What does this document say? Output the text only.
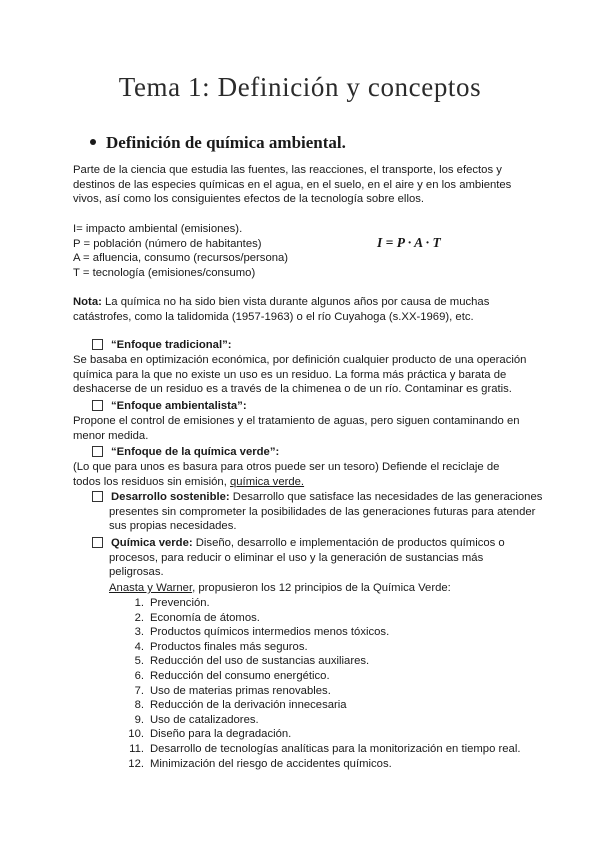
Tema 1: Definición y conceptos
Definición de química ambiental.

Parte de la ciencia que estudia las fuentes, las reacciones, el transporte, los efectos y destinos de las especies químicas en el agua, en el suelo, en el aire y en los ambientes vivos, así como los consiguientes efectos de la tecnología sobre ellos.

I= impacto ambiental (emisiones).
P = población (número de habitantes)
A = afluencia, consumo (recursos/persona)
T = tecnología (emisiones/consumo)
I = P · A · T

Nota: La química no ha sido bien vista durante algunos años por causa de muchas catástrofes, como la talidomida (1957-1963) o el río Cuyahoga (s.XX-1969), etc.

“Enfoque tradicional”:

Se basaba en optimización económica, por definición cualquier producto de una operación química para la que no existe un uso es un residuo. La forma más práctica y barata de deshacerse de un residuo es a través de la chimenea o de un río. Contaminar es gratis.

“Enfoque ambientalista”:

Propone el control de emisiones y el tratamiento de aguas, pero siguen contaminando en menor medida.

“Enfoque de la química verde”:

(Lo que para unos es basura para otros puede ser un tesoro) Defiende el reciclaje de todos los residuos sin emisión, química verde.

Desarrollo sostenible: Desarrollo que satisface las necesidades de las generaciones presentes sin comprometer la posibilidades de las generaciones futuras para atender sus propias necesidades.
Química verde: Diseño, desarrollo e implementación de productos químicos o procesos, para reducir o eliminar el uso y la generación de sustancias más peligrosas.
Anasta y Warner, propusieron los 12 principios de la Química Verde:
1. Prevención.
2. Economía de átomos.
3. Productos químicos intermedios menos tóxicos.
4. Productos finales más seguros.
5. Reducción del uso de sustancias auxiliares.
6. Reducción del consumo energético.
7. Uso de materias primas renovables.
8. Reducción de la derivación innecesaria
9. Uso de catalizadores.
10. Diseño para la degradación.
11. Desarrollo de tecnologías analíticas para la monitorización en tiempo real.
12. Minimización del riesgo de accidentes químicos.
